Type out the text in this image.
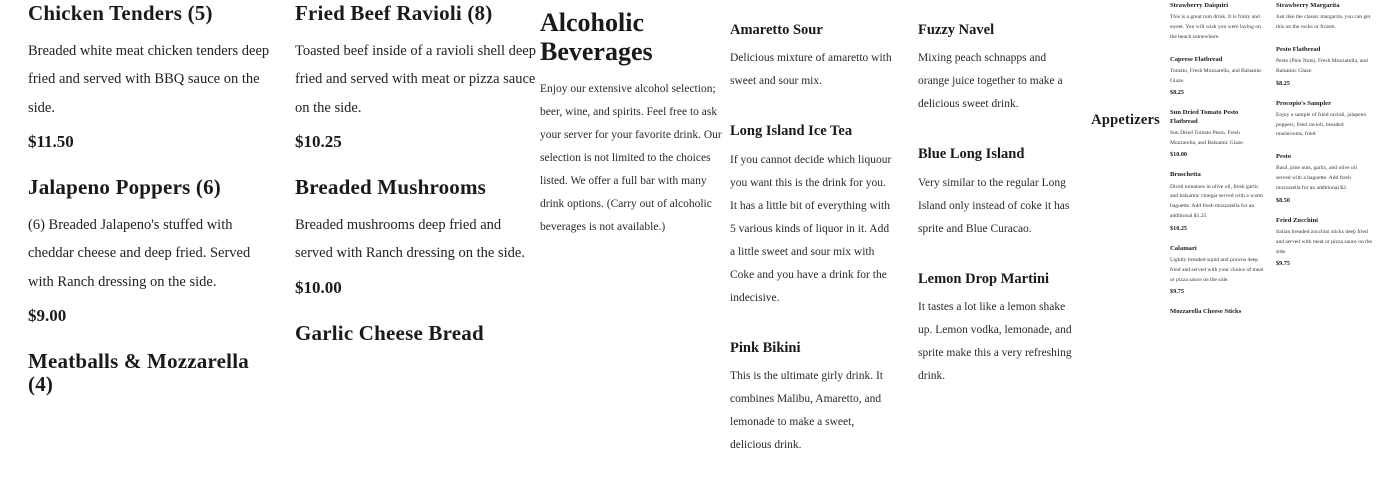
Chicken Tenders (5)

Breaded white meat chicken tenders deep fried and served with BBQ sauce on the side.

$11.50

Jalapeno Poppers (6)

(6) Breaded Jalapeno's stuffed with cheddar cheese and deep fried. Served with Ranch dressing on the side.

$9.00

Meatballs & Mozzarella (4)
Fried Beef Ravioli (8)

Toasted beef inside of a ravioli shell deep fried and served with meat or pizza sauce on the side.

$10.25

Breaded Mushrooms

Breaded mushrooms deep fried and served with Ranch dressing on the side.

$10.00

Garlic Cheese Bread
Alcoholic Beverages

Enjoy our extensive alcohol selection; beer, wine, and spirits. Feel free to ask your server for your favorite drink. Our selection is not limited to the choices listed. We offer a full bar with many drink options. (Carry out of alcoholic beverages is not available.)

Amaretto Sour

Delicious mixture of amaretto with sweet and sour mix.

Long Island Ice Tea

If you cannot decide which liquour you want this is the drink for you. It has a little bit of everything with 5 various kinds of liquor in it. Add a little sweet and sour mix with Coke and you have a drink for the indecisive.

Pink Bikini

This is the ultimate girly drink. It combines Malibu, Amaretto, and lemonade to make a sweet, delicious drink.

Fuzzy Navel

Mixing peach schnapps and orange juice together to make a delicious sweet drink.

Blue Long Island

Very similar to the regular Long Island only instead of coke it has sprite and Blue Curacao.

Lemon Drop Martini

It tastes a lot like a lemon shake up. Lemon vodka, lemonade, and sprite make this a very refreshing drink.

Appetizers

Strawberry Daiquiri

This is a great rum drink. It is fruity and sweet. You will wish you were laying on the beach somewhere.

Caprese Flatbread

Tomato, Fresh Mozzarella, and Balsamic Glaze.

$8.25

Sun Dried Tomato Pesto Flatbread

Sun Dried Tomato Pesto, Fresh Mozzarella, and Balsamic Glaze.

$10.00

Bruschetta

Diced tomatoes in olive oil, fresh garlic and balsamic vinegar served with a warm baguette. Add fresh mozzarella for an additional $1.25

$10.25

Calamari

Lightly breaded squid and prawns deep fried and served with your choice of meat or pizza sauce on the side.

$9.75

Mozzarella Cheese Sticks

Strawberry Margarita

Just like the classic margarita, you can get this on the rocks or frozen.

Pesto Flatbread

Pesto (Pine Nuts), Fresh Mozzarella, and Balsamic Glaze.

$8.25

Procopio's Sampler

Enjoy a sample of fried ravioli, jalapeno poppers, fried ravioli, breaded mushrooms, fried

Pesto

Basil, pine nuts, garlic, and olive oil served with a baguette. Add fresh mozzarella for an additional $2.

$8.50

Fried Zucchini

Italian breaded zucchini sticks deep fried and served with meat or pizza sauce on the side.

$9.75
